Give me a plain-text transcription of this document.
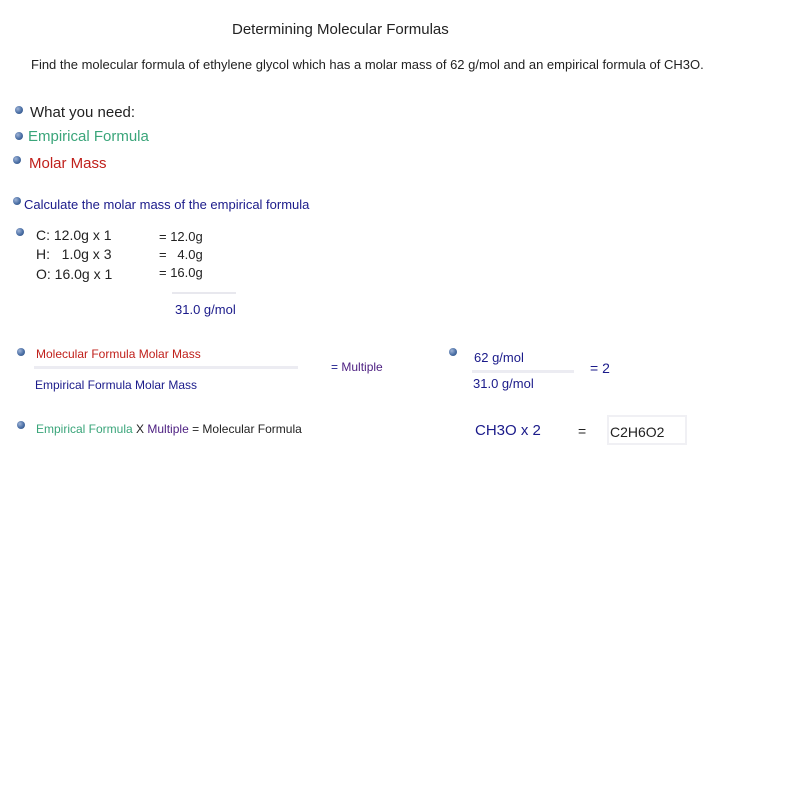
Determining Molecular Formulas
Find the molecular formula of ethylene glycol which has a molar mass of 62 g/mol and an empirical formula of CH3O.
What you need:
Empirical Formula
Molar Mass
Calculate the molar mass of the empirical formula
C: 12.0g x 1
H:   1.0g x 3
O: 16.0g x 1
= 12.0g
=   4.0g
= 16.0g
31.0 g/mol
Molecular Formula Molar Mass
Empirical Formula Molar Mass
= Multiple
62 g/mol
= 2
31.0 g/mol
Empirical Formula X Multiple = Molecular Formula	CH3O x 2	= C2H6O2
